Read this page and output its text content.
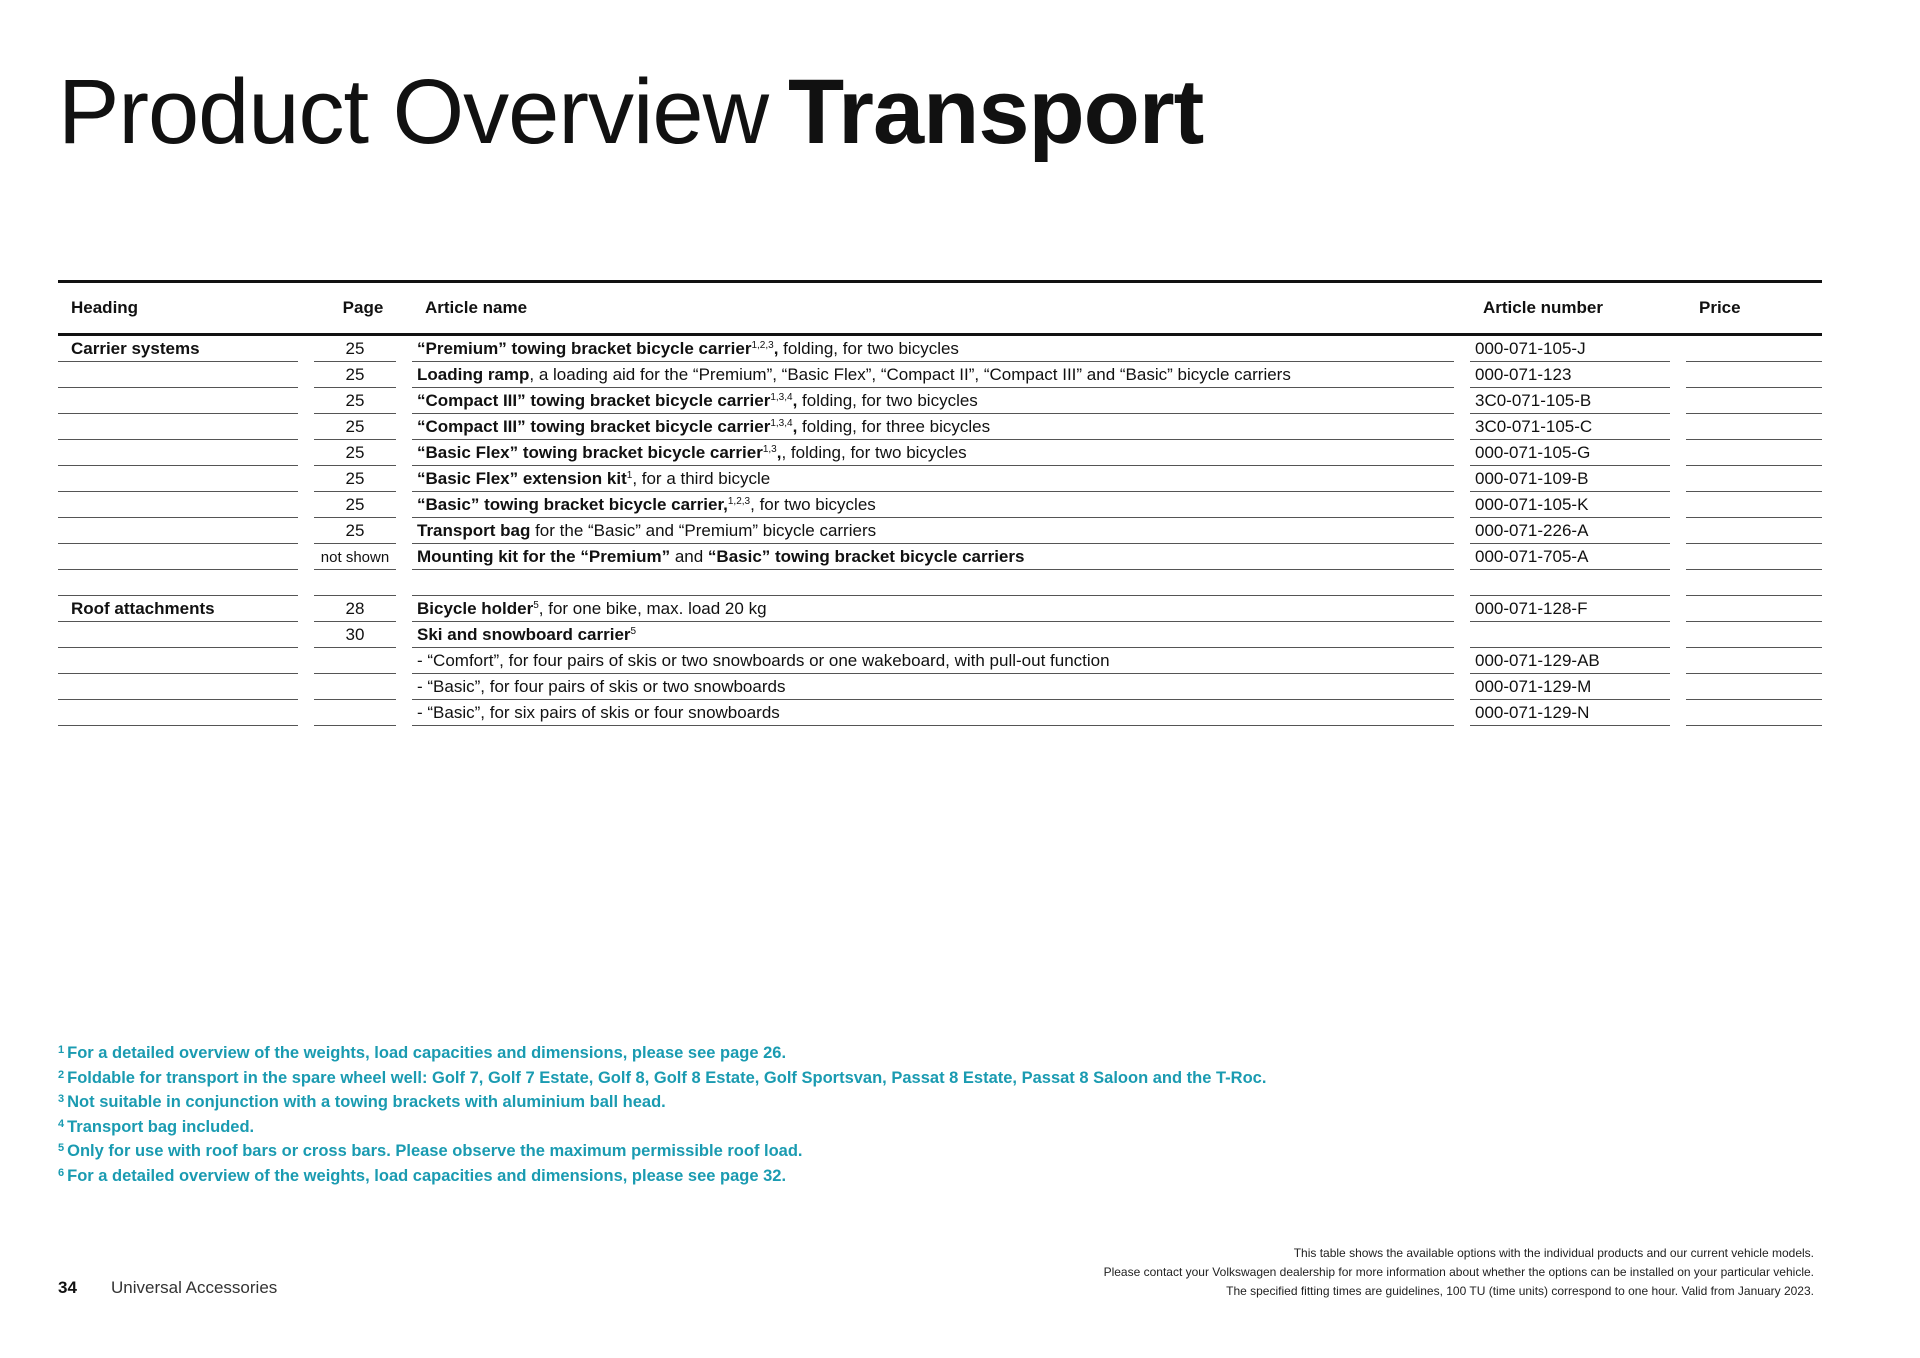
Product Overview Transport
Heading	Page	Article name	Article number	Price

Carrier systems	25	“Premium” towing bracket bicycle carrier$^{1,2,3}$, folding, for two bicycles	000-071-105-J	

	25	Loading ramp, a loading aid for the “Premium”, “Basic Flex”, “Compact II”, “Compact III” and “Basic” bicycle carriers	000-071-123	

	25	“Compact III” towing bracket bicycle carrier$^{1,3,4}$, folding, for two bicycles	3C0-071-105-B	

	25	“Compact III” towing bracket bicycle carrier$^{1,3,4}$, folding, for three bicycles	3C0-071-105-C	

	25	“Basic Flex” towing bracket bicycle carrier$^{1,3}$,, folding, for two bicycles	000-071-105-G	

	25	“Basic Flex” extension kit$^1$, for a third bicycle	000-071-109-B	

	25	“Basic” towing bracket bicycle carrier,$^{1,2,3}$, for two bicycles	000-071-105-K	

	25	Transport bag for the “Basic” and “Premium” bicycle carriers	000-071-226-A	

	not shown	Mounting kit for the “Premium” and “Basic” towing bracket bicycle carriers	000-071-705-A	

Roof attachments	28	Bicycle holder$^5$, for one bike, max. load 20 kg	000-071-128-F	

	30	Ski and snowboard carrier$^5$

		- “Comfort”, for four pairs of skis or two snowboards or one wakeboard, with pull-out function	000-071-129-AB	

		- “Basic”, for four pairs of skis or two snowboards	000-071-129-M	

		- “Basic”, for six pairs of skis or four snowboards	000-071-129-N	

$^1$ For a detailed overview of the weights, load capacities and dimensions, please see page 26.
$^2$ Foldable for transport in the spare wheel well: Golf 7, Golf 7 Estate, Golf 8, Golf 8 Estate, Golf Sportsvan, Passat 8 Estate, Passat 8 Saloon and the T-Roc.
$^3$ Not suitable in conjunction with a towing brackets with aluminium ball head.
$^4$ Transport bag included.
$^5$ Only for use with roof bars or cross bars. Please observe the maximum permissible roof load.
$^6$ For a detailed overview of the weights, load capacities and dimensions, please see page 32.
34 Universal Accessories
This table shows the available options with the individual products and our current vehicle models.
Please contact your Volkswagen dealership for more information about whether the options can be installed on your particular vehicle.
The specified fitting times are guidelines, 100 TU (time units) correspond to one hour. Valid from January 2023.
